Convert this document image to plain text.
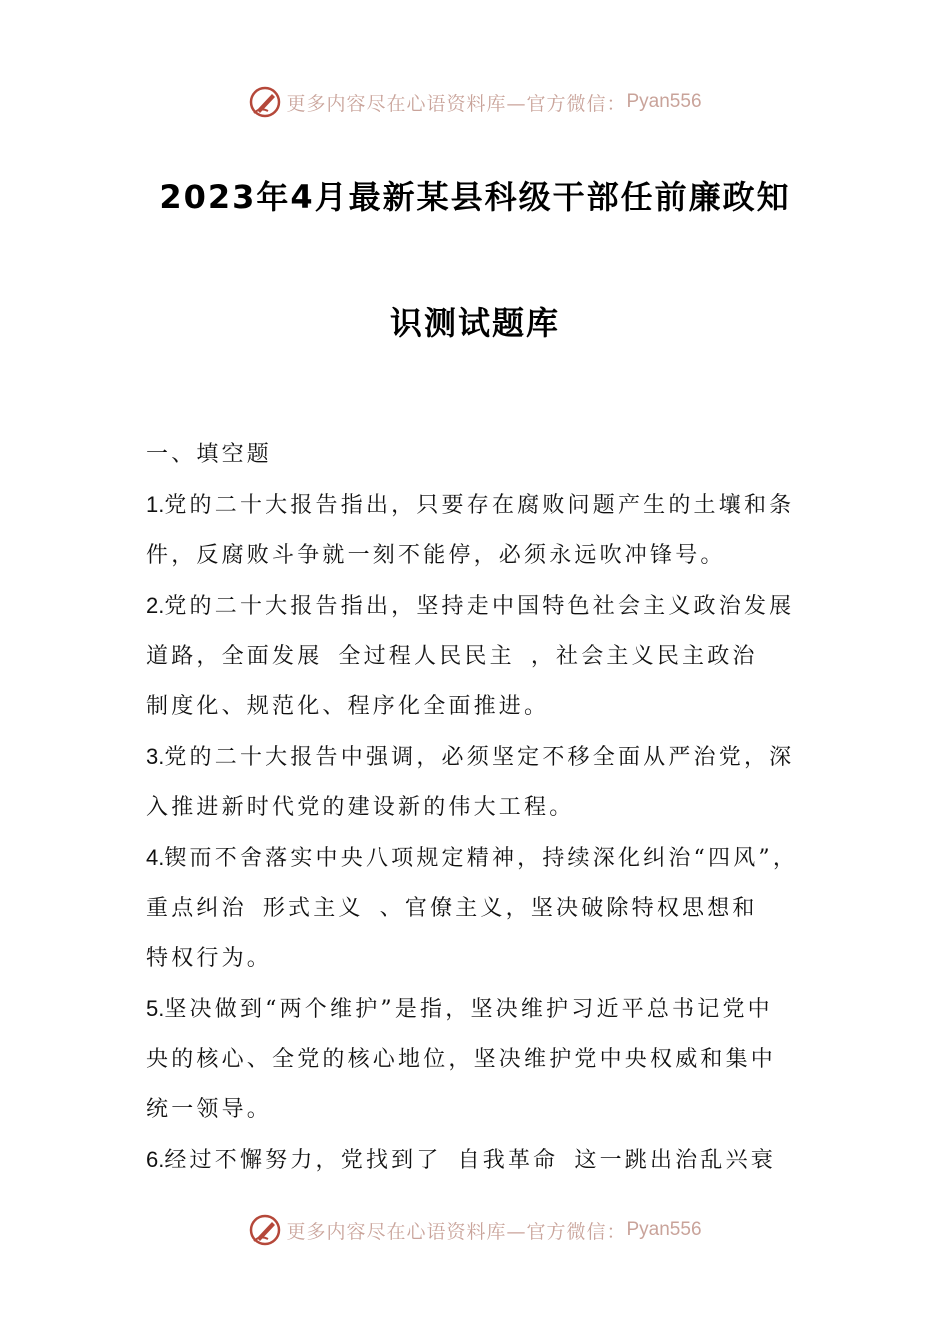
更多内容尽在心语资料库—官方微信： Pyan556
2023年4月最新某县科级干部任前廉政知
识测试题库

一、填空题

1.党的二十大报告指出，只要存在腐败问题产生的土壤和条

件，反腐败斗争就一刻不能停，必须永远吹冲锋号。

2.党的二十大报告指出，坚持走中国特色社会主义政治发展

道路，全面发展 全过程人民民主 ，社会主义民主政治

制度化、规范化、程序化全面推进。

3.党的二十大报告中强调，必须坚定不移全面从严治党，深

入推进新时代党的建设新的伟大工程。

4.锲而不舍落实中央八项规定精神，持续深化纠治“四风”，

重点纠治 形式主义 、官僚主义，坚决破除特权思想和

特权行为。

5.坚决做到“两个维护”是指，坚决维护习近平总书记党中

央的核心、全党的核心地位，坚决维护党中央权威和集中

统一领导。

6.经过不懈努力，党找到了 自我革命 这一跳出治乱兴衰

更多内容尽在心语资料库—官方微信： Pyan556
